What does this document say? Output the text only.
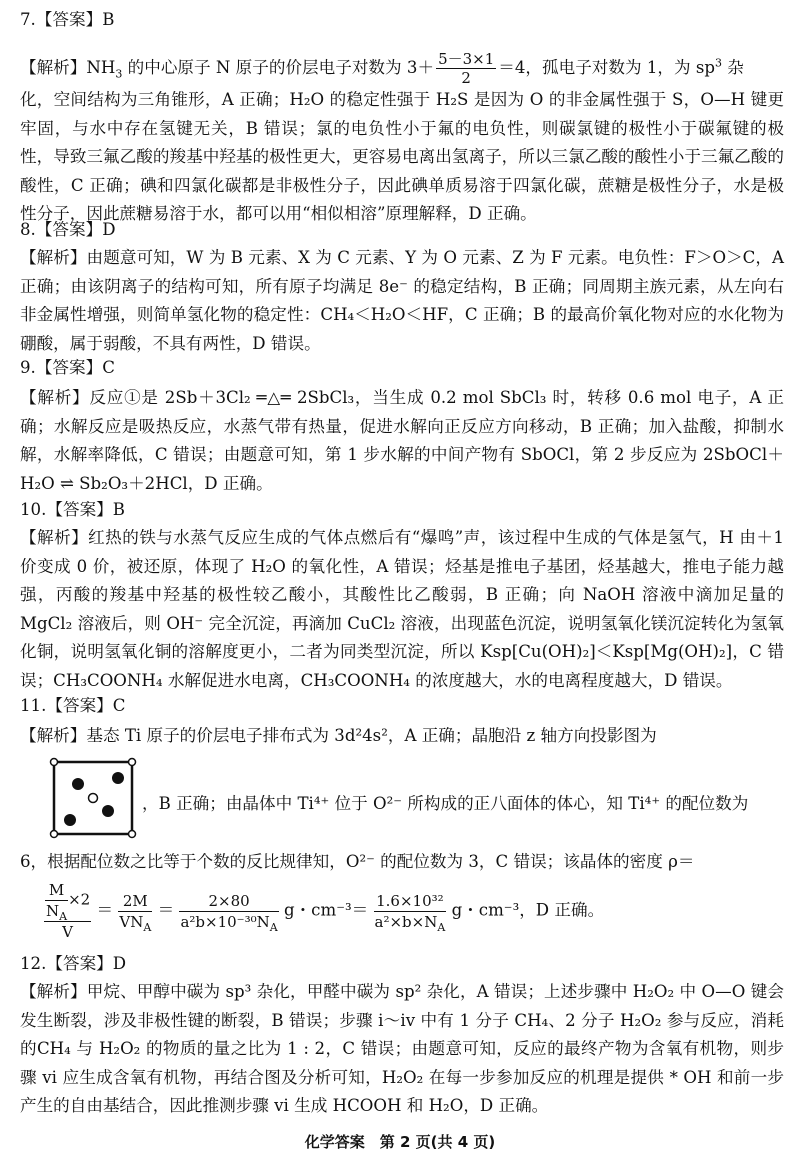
7.【答案】B
【解析】$NH_3$ 的中心原子 N 原子的价层电子对数为 $3+ \frac{5-3\times 1}{2} =4$，孤电子对数为 1，为 $sp^3$ 杂
化，空间结构为三角锥形，A 正确；H₂O 的稳定性强于 H₂S 是因为 O 的非金属性强于 S，O—H 键更牢固，与水中存在氢键无关，B 错误；氯的电负性小于氟的电负性，则碳氯键的极性小于碳氟键的极性，导致三氟乙酸的羧基中羟基的极性更大，更容易电离出氢离子，所以三氯乙酸的酸性小于三氟乙酸的酸性，C 正确；碘和四氯化碳都是非极性分子，因此碘单质易溶于四氯化碳，蔗糖是极性分子，水是极性分子，因此蔗糖易溶于水，都可以用“相似相溶”原理解释，D 正确。
8.【答案】D
【解析】由题意可知，W 为 B 元素、X 为 C 元素、Y 为 O 元素、Z 为 F 元素。电负性：F＞O＞C，A 正确；由该阴离子的结构可知，所有原子均满足 8e⁻ 的稳定结构，B 正确；同周期主族元素，从左向右非金属性增强，则简单氢化物的稳定性：CH₄＜H₂O＜HF，C 正确；B 的最高价氧化物对应的水化物为硼酸，属于弱酸，不具有两性，D 错误。
9.【答案】C
【解析】反应①是 2Sb＋3Cl₂ ═△═ 2SbCl₃，当生成 0.2 mol SbCl₃ 时，转移 0.6 mol 电子，A 正确；水解反应是吸热反应，水蒸气带有热量，促进水解向正反应方向移动，B 正确；加入盐酸，抑制水解，水解率降低，C 错误；由题意可知，第 1 步水解的中间产物有 SbOCl，第 2 步反应为 2SbOCl＋H₂O ⇌ Sb₂O₃＋2HCl，D 正确。
10.【答案】B
【解析】红热的铁与水蒸气反应生成的气体点燃后有“爆鸣”声，该过程中生成的气体是氢气，H 由＋1 价变成 0 价，被还原，体现了 H₂O 的氧化性，A 错误；烃基是推电子基团，烃基越大，推电子能力越强，丙酸的羧基中羟基的极性较乙酸小，其酸性比乙酸弱，B 正确；向 NaOH 溶液中滴加足量的 MgCl₂ 溶液后，则 OH⁻ 完全沉淀，再滴加 CuCl₂ 溶液，出现蓝色沉淀，说明氢氧化镁沉淀转化为氢氧化铜，说明氢氧化铜的溶解度更小，二者为同类型沉淀，所以 Ksp[Cu(OH)₂]＜Ksp[Mg(OH)₂]，C 错误；CH₃COONH₄ 水解促进水电离，CH₃COONH₄ 的浓度越大，水的电离程度越大，D 错误。
11.【答案】C
【解析】基态 Ti 原子的价层电子排布式为 3d²4s²，A 正确；晶胞沿 z 轴方向投影图为
，B 正确；由晶体中 Ti⁴⁺ 位于 O²⁻ 所构成的正八面体的体心，知 Ti⁴⁺ 的配位数为
6，根据配位数之比等于个数的反比规律知，O²⁻ 的配位数为 3，C 错误；该晶体的密度 ρ＝
$\frac{\frac{M}{N_A} \times 2}{V} = \frac{2M}{VN_A} = \frac{2\times 80}{a^2b\times 10^{-30}N_A}$ g・$cm^{-3}= \frac{\text{1.6×10³²}}{a^2\times b\times N_A}$ g・cm⁻³，D 正确。
12.【答案】D
【解析】甲烷、甲醇中碳为 sp³ 杂化，甲醛中碳为 sp² 杂化，A 错误；上述步骤中 H₂O₂ 中 O—O 键会发生断裂，涉及非极性键的断裂，B 错误；步骤 i～iv 中有 1 分子 CH₄、2 分子 H₂O₂ 参与反应，消耗的CH₄ 与 H₂O₂ 的物质的量之比为 1 : 2，C 错误；由题意可知，反应的最终产物为含氧有机物，则步骤 vi 应生成含氧有机物，再结合图及分析可知，H₂O₂ 在每一步参加反应的机理是提供 * OH 和前一步产生的自由基结合，因此推测步骤 vi 生成 HCOOH 和 H₂O，D 正确。
化学答案　第 2 页(共 4 页)
